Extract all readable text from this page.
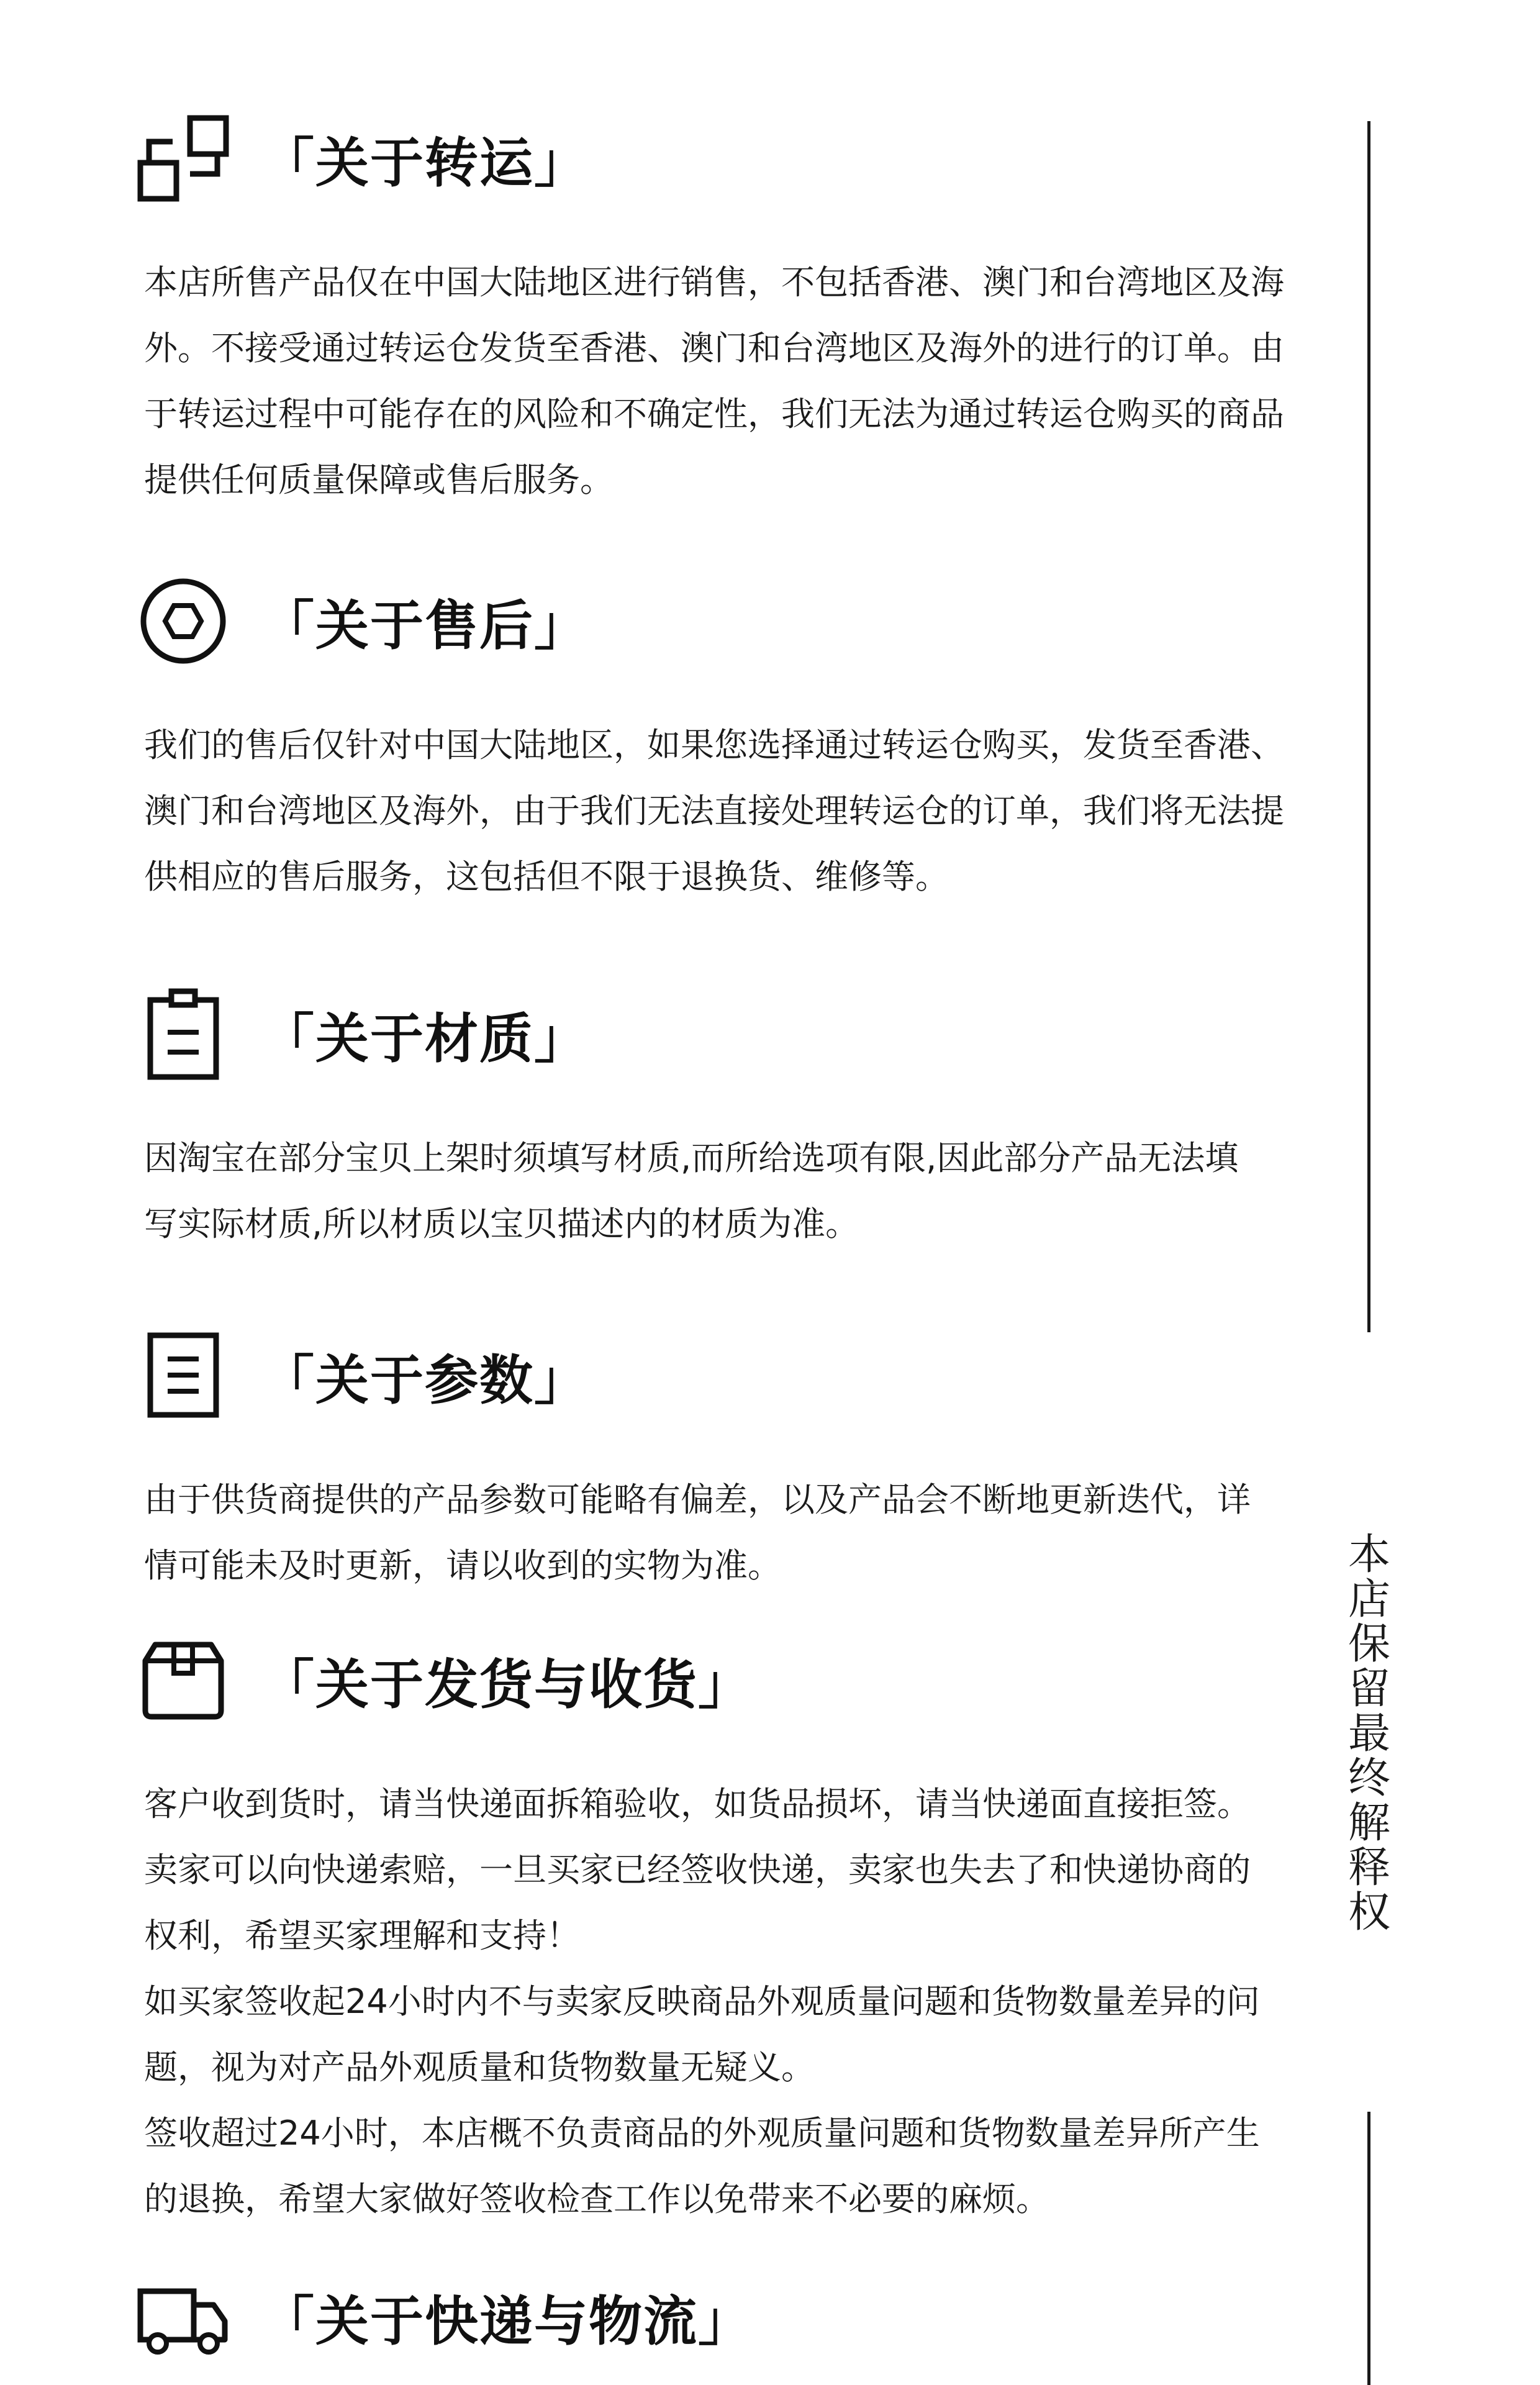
「关于转运」
本店所售产品仅在中国大陆地区进行销售，不包括香港、澳门和台湾地区及海
外。不接受通过转运仓发货至香港、澳门和台湾地区及海外的进行的订单。由
于转运过程中可能存在的风险和不确定性，我们无法为通过转运仓购买的商品
提供任何质量保障或售后服务。
「关于售后」
我们的售后仅针对中国大陆地区，如果您选择通过转运仓购买，发货至香港、
澳门和台湾地区及海外，由于我们无法直接处理转运仓的订单，我们将无法提
供相应的售后服务，这包括但不限于退换货、维修等。
「关于材质」
因淘宝在部分宝贝上架时须填写材质,而所给选项有限,因此部分产品无法填
写实际材质,所以材质以宝贝描述内的材质为准。
「关于参数」
由于供货商提供的产品参数可能略有偏差，以及产品会不断地更新迭代，详
情可能未及时更新，请以收到的实物为准。
「关于发货与收货」
客户收到货时，请当快递面拆箱验收，如货品损坏，请当快递面直接拒签。
卖家可以向快递索赔，一旦买家已经签收快递，卖家也失去了和快递协商的
权利，希望买家理解和支持！
如买家签收起24小时内不与卖家反映商品外观质量问题和货物数量差异的问
题，视为对产品外观质量和货物数量无疑义。
签收超过24小时，本店概不负责商品的外观质量问题和货物数量差异所产生
的退换，希望大家做好签收检查工作以免带来不必要的麻烦。
「关于快递与物流」
本
店
保
留
最
终
解
释
权
